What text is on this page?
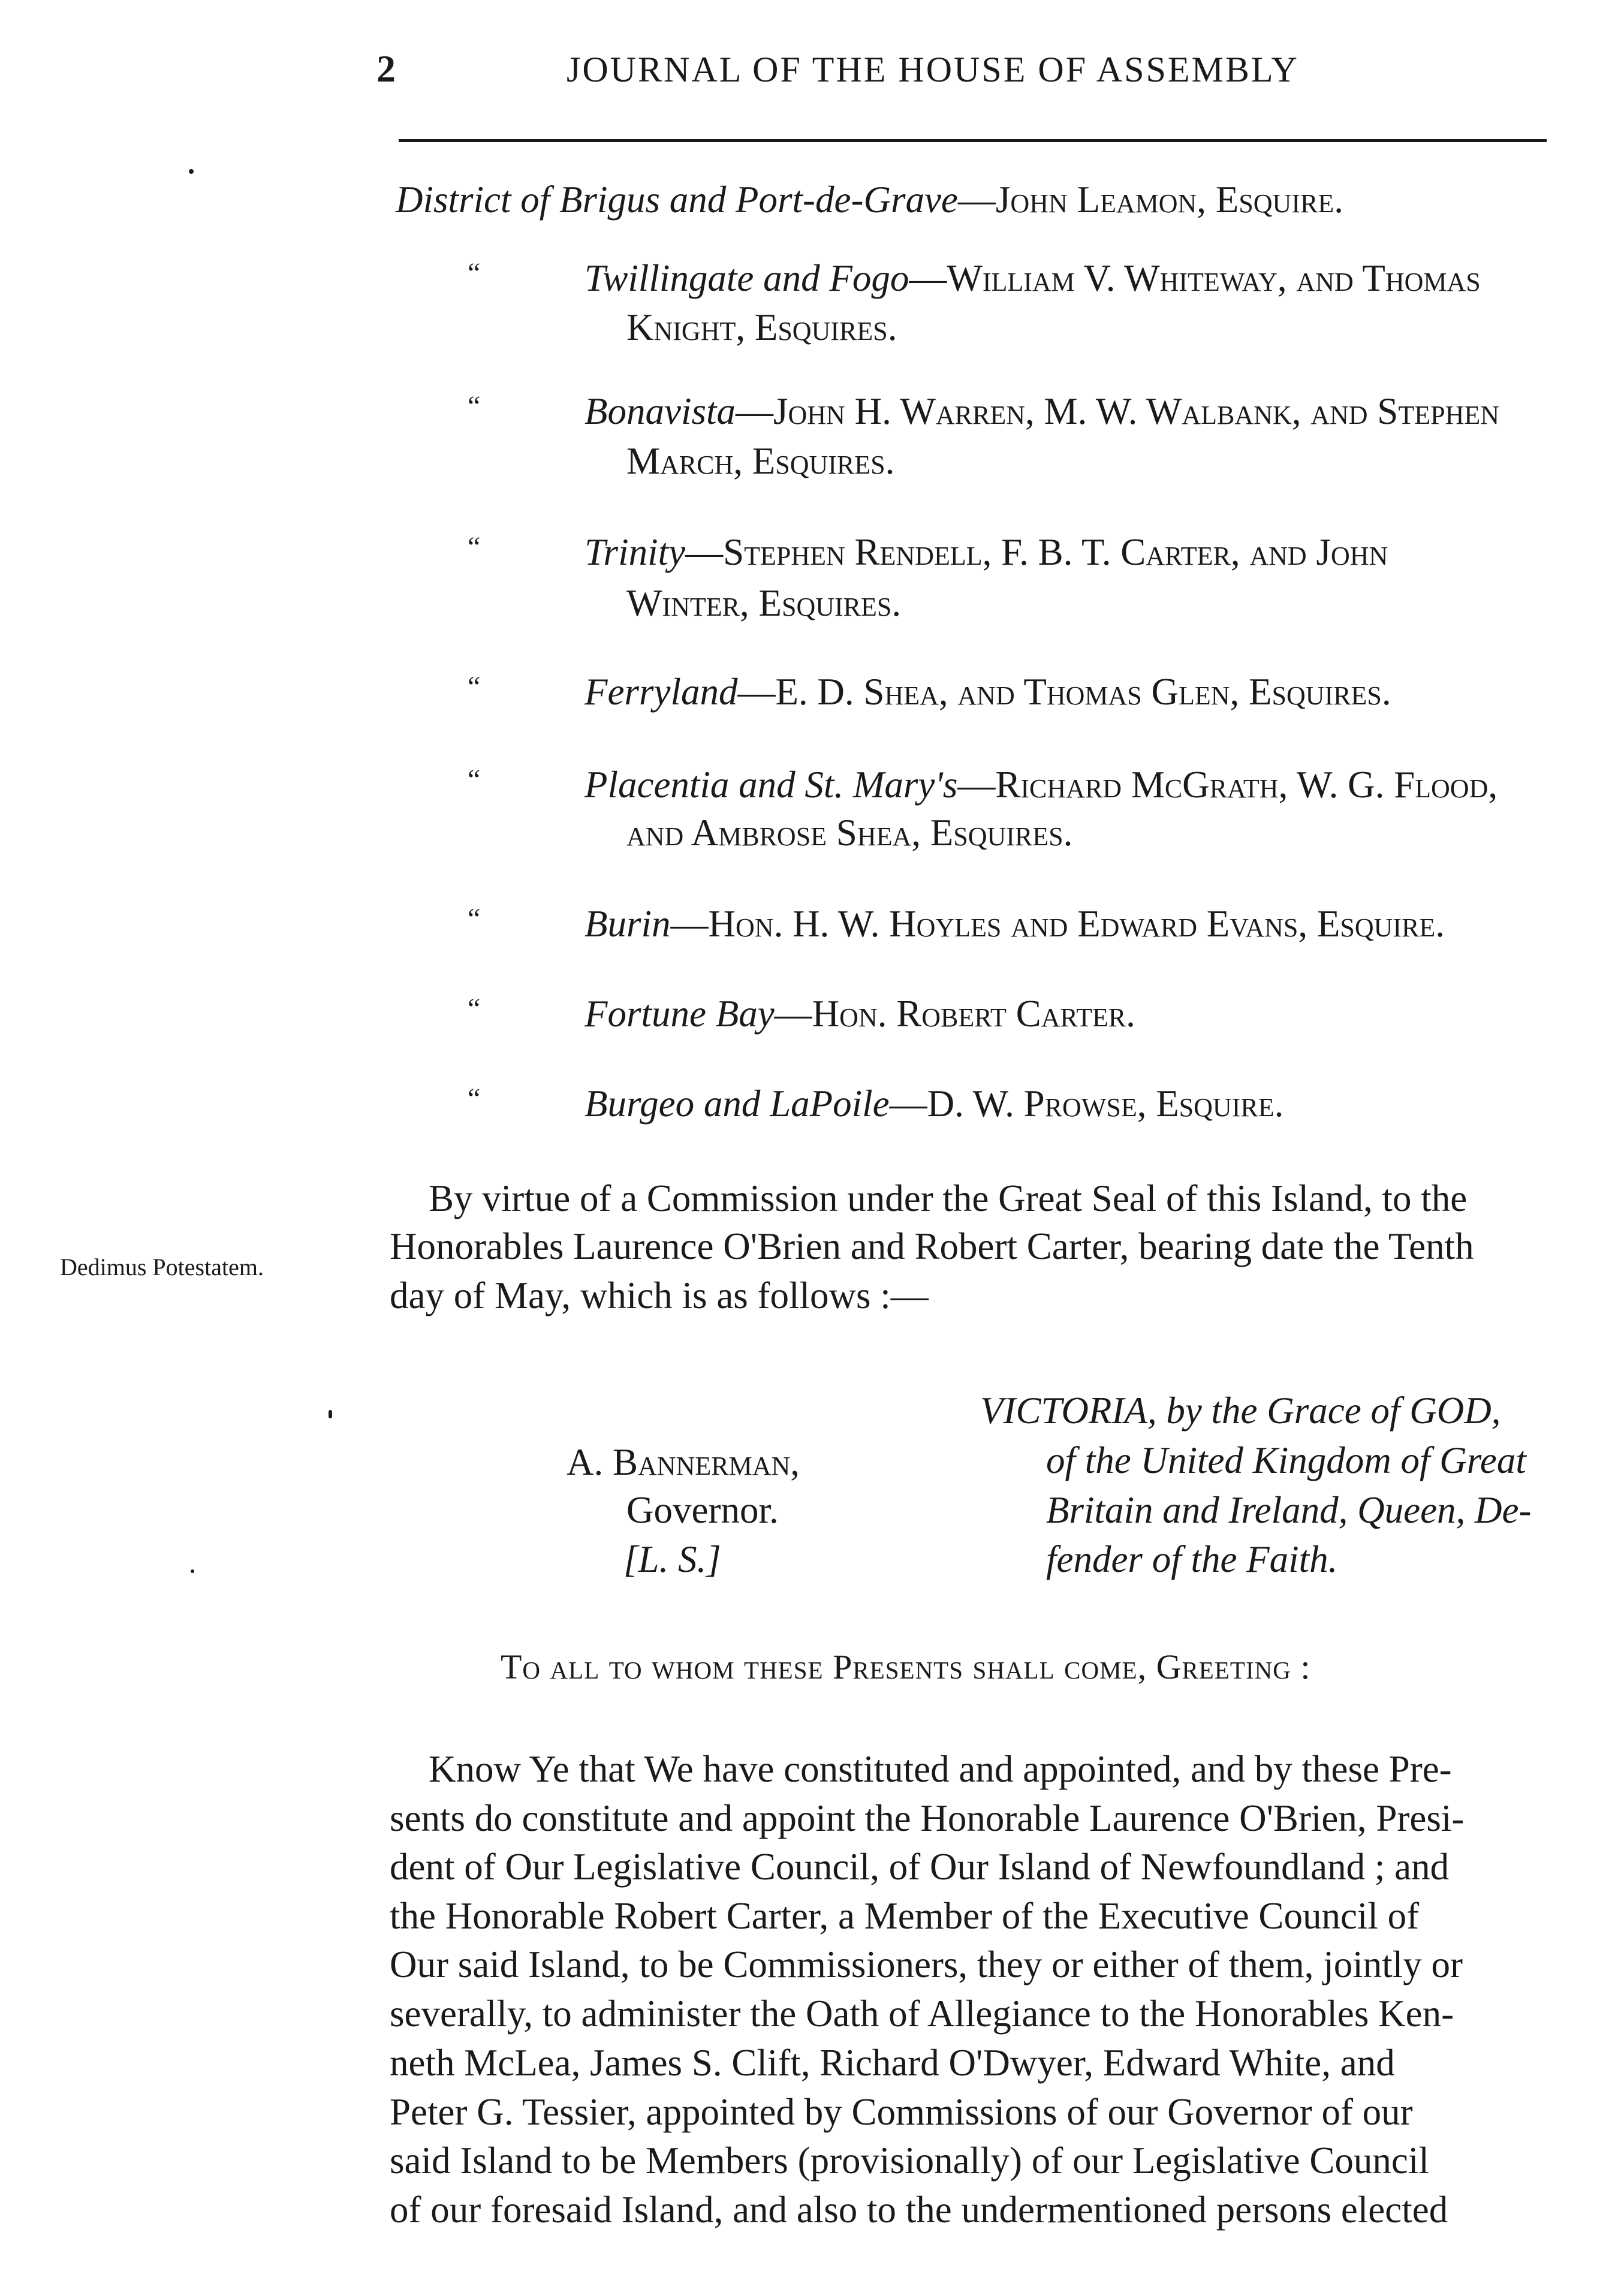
2	JOURNAL OF THE HOUSE OF ASSEMBLY
District of Brigus and Port-de-Grave—John Leamon, Esquire.
“	Twillingate and Fogo—William V. Whiteway, and Thomas
Knight, Esquires.
“	Bonavista—John H. Warren, M. W. Walbank, and Stephen
March, Esquires.
“	Trinity—Stephen Rendell, F. B. T. Carter, and John
Winter, Esquires.
“	Ferryland—E. D. Shea, and Thomas Glen, Esquires.
“	Placentia and St. Mary's—Richard McGrath, W. G. Flood,
and Ambrose Shea, Esquires.
“	Burin—Hon. H. W. Hoyles and Edward Evans, Esquire.
“	Fortune Bay—Hon. Robert Carter.
“	Burgeo and LaPoile—D. W. Prowse, Esquire.
Dedimus Potestatem.
By virtue of a Commission under the Great Seal of this Island, to the
Honorables Laurence O'Brien and Robert Carter, bearing date the Tenth
day of May, which is as follows :—
A. Bannerman,
Governor.
[L. S.]
VICTORIA, by the Grace of GOD,
of the United Kingdom of Great
Britain and Ireland, Queen, De-
fender of the Faith.
To all to whom these Presents shall come, Greeting :
Know Ye that We have constituted and appointed, and by these Pre-
sents do constitute and appoint the Honorable Laurence O'Brien, Presi-
dent of Our Legislative Council, of Our Island of Newfoundland ; and
the Honorable Robert Carter, a Member of the Executive Council of
Our said Island, to be Commissioners, they or either of them, jointly or
severally, to administer the Oath of Allegiance to the Honorables Ken-
neth McLea, James S. Clift, Richard O'Dwyer, Edward White, and
Peter G. Tessier, appointed by Commissions of our Governor of our
said Island to be Members (provisionally) of our Legislative Council
of our foresaid Island, and also to the undermentioned persons elected
